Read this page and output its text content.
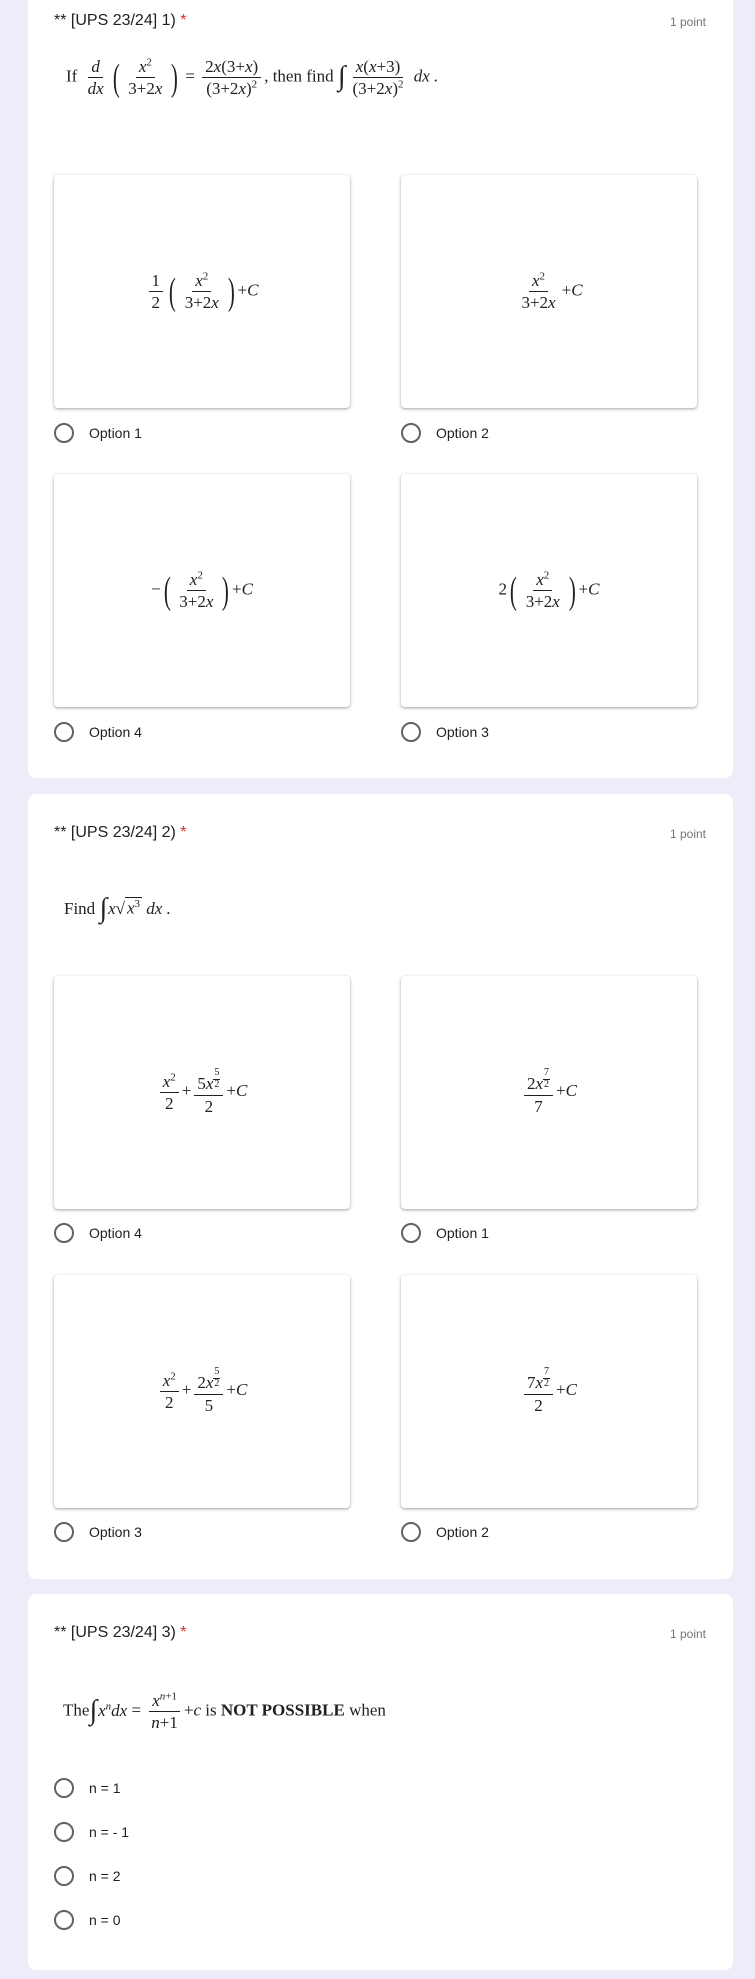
** [UPS 23/24] 1) *	1 point
If $\frac{d}{dx}$ ( $\frac{x^2}{3+2x}$ ) = $\frac{2x(3+x)}{(3+2x)^2}$ , then find ∫ $\frac{x(x+3)}{(3+2x)^2}$ dx .
$\frac{1}{2}$ ( $\frac{x^2}{3+2x}$ ) +C
Option 1
$\frac{x^2}{3+2x} +C$
Option 2
− ( $\frac{x^2}{3+2x}$ ) +C
Option 4
2 ( $\frac{x^2}{3+2x}$ ) +C
Option 3
** [UPS 23/24] 2) *	1 point
Find ∫x√ $x^3$ dx .
$\frac{x^2}{2} + \frac{5x \frac{5}{2}}{2} +C$
Option 4
$\frac{2x \frac{7}{2}}{7} +C$
Option 1
$\frac{x^2}{2} + \frac{2x \frac{5}{2}}{5} +C$
Option 3
$\frac{7x \frac{7}{2}}{2} +C$
Option 2
** [UPS 23/24] 3) *	1 point
$The\int x^ndx = \frac{x^{n+1}}{n+1} +c$ is NOT POSSIBLE when
n = 1
n = - 1
n = 2
n = 0
